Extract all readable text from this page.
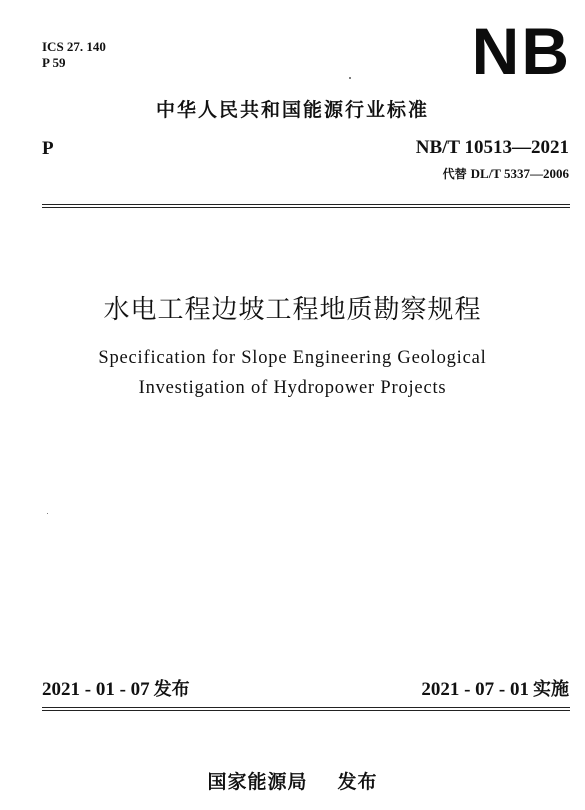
ICS 27. 140
P 59	NB
中华人民共和国能源行业标准
P	NB/T 10513—2021
代替 DL/T 5337—2006
水电工程边坡工程地质勘察规程
Specification for Slope Engineering Geological
Investigation of Hydropower Projects
2021 - 01 - 07 发布	2021 - 07 - 01 实施
国家能源局 发布
